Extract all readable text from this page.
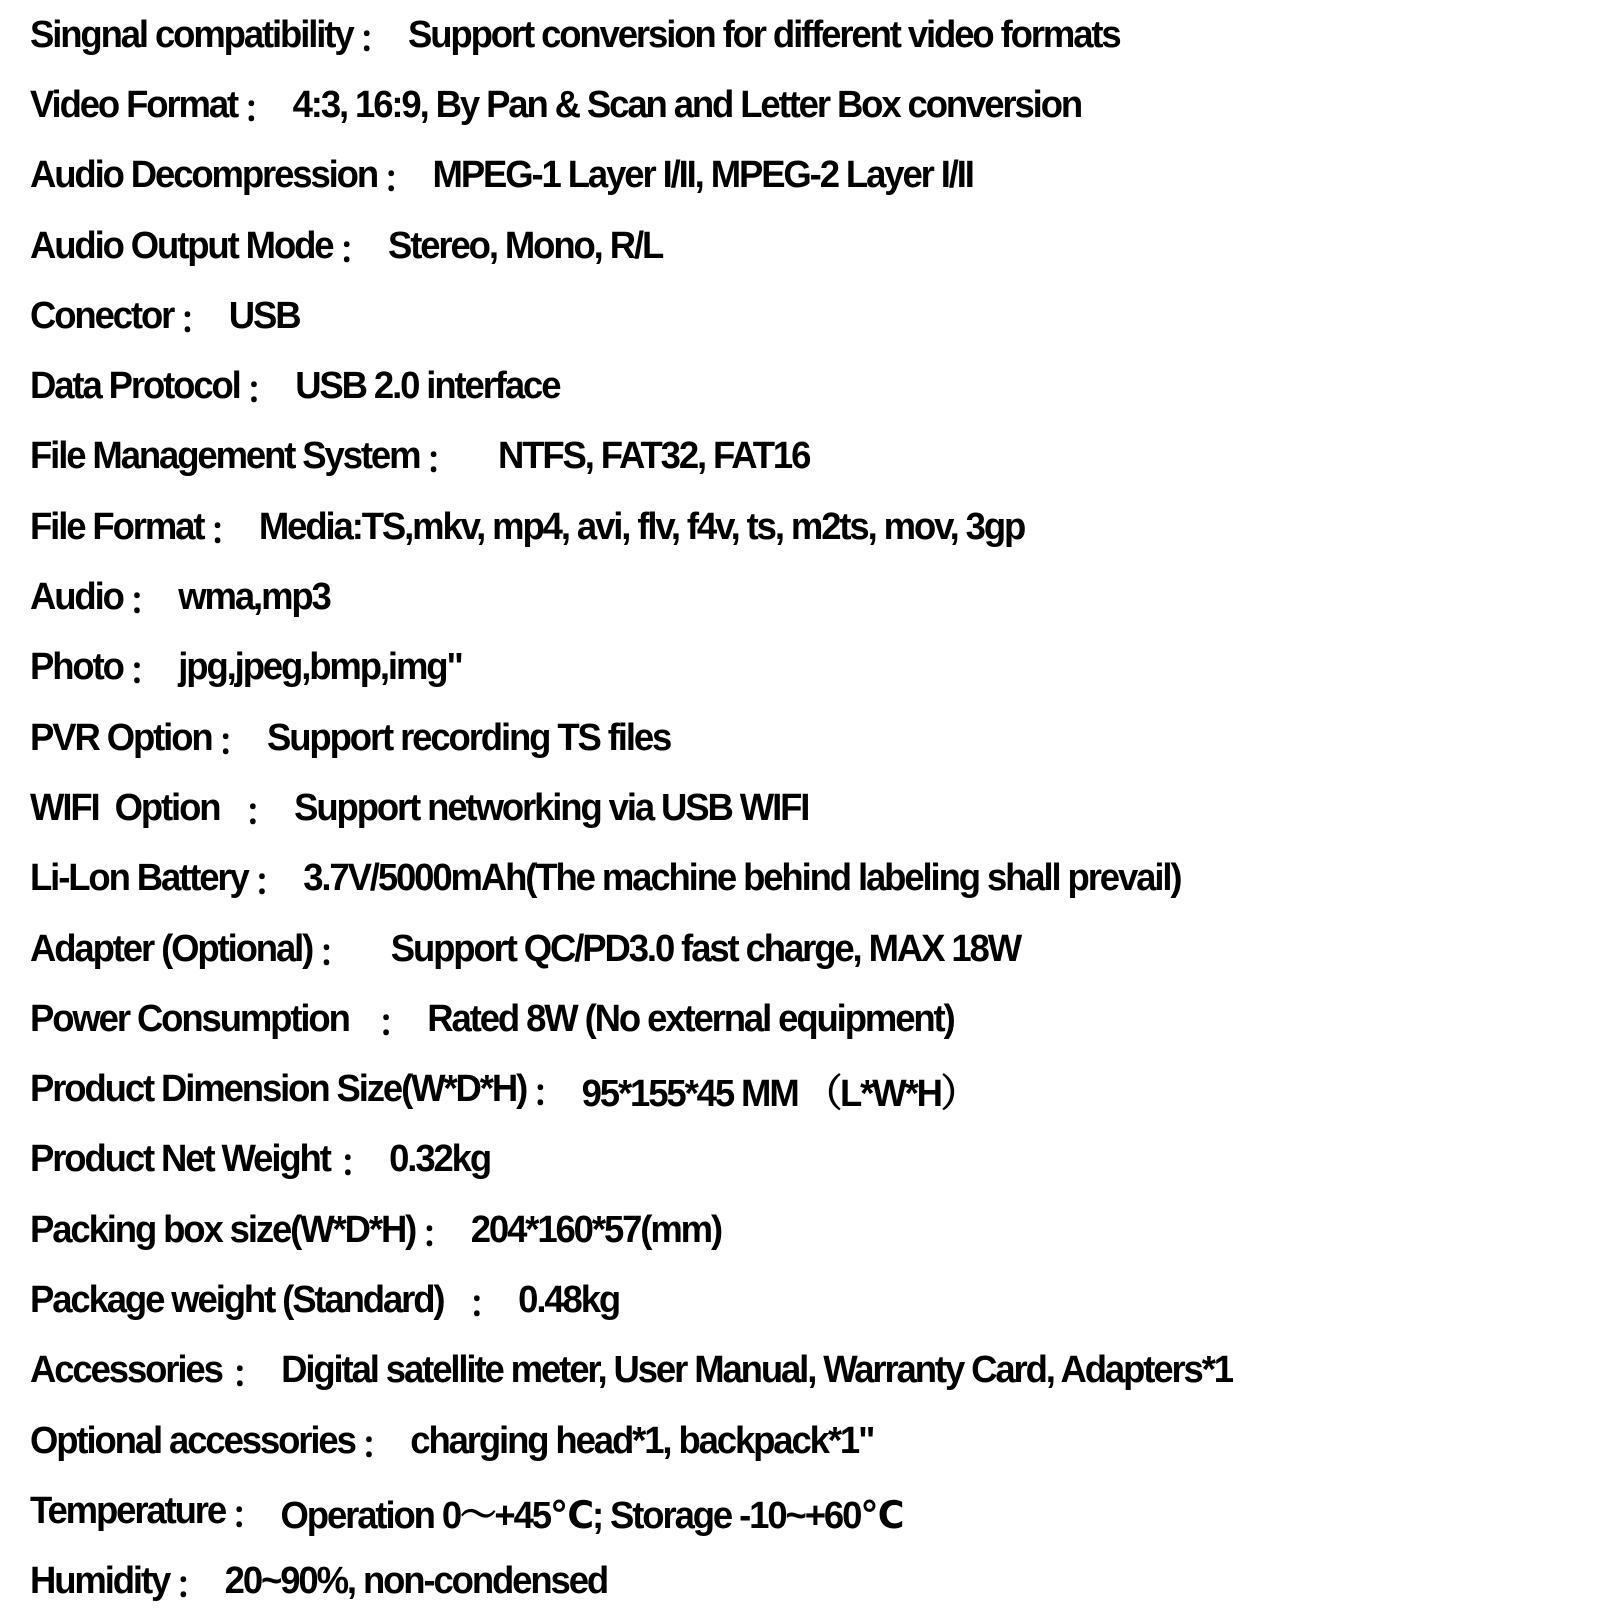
Singnal compatibility ： Support conversion for different video formats
Video Format ： 4:3, 16:9, By Pan & Scan and Letter Box conversion
Audio Decompression ： MPEG-1 Layer I/II, MPEG-2 Layer I/II
Audio Output Mode ： Stereo, Mono, R/L
Conector ： USB
Data Protocol ： USB 2.0 interface
File Management System ：	NTFS, FAT32, FAT16
File Format ： Media:TS,mkv, mp4, avi, flv, f4v, ts, m2ts, mov, 3gp
Audio ： wma,mp3
Photo ： jpg,jpeg,bmp,img"
PVR Option ： Support recording TS files
WIFI  Option ： Support networking via USB WIFI
Li-Lon Battery ： 3.7V/5000mAh(The machine behind labeling shall prevail)
Adapter (Optional) ：	Support QC/PD3.0 fast charge, MAX 18W
Power Consumption ： Rated 8W (No external equipment)
Product Dimension Size(W*D*H) ： 95*155*45 MM （L*W*H）
Product Net Weight ： 0.32kg
Packing box size(W*D*H) ： 204*160*57(mm)
Package weight (Standard) ： 0.48kg
Accessories ： Digital satellite meter, User Manual, Warranty Card, Adapters*1
Optional accessories ： charging head*1, backpack*1"
Temperature ： Operation 0～+45℃; Storage -10~+60℃
Humidity ： 20~90%, non-condensed
